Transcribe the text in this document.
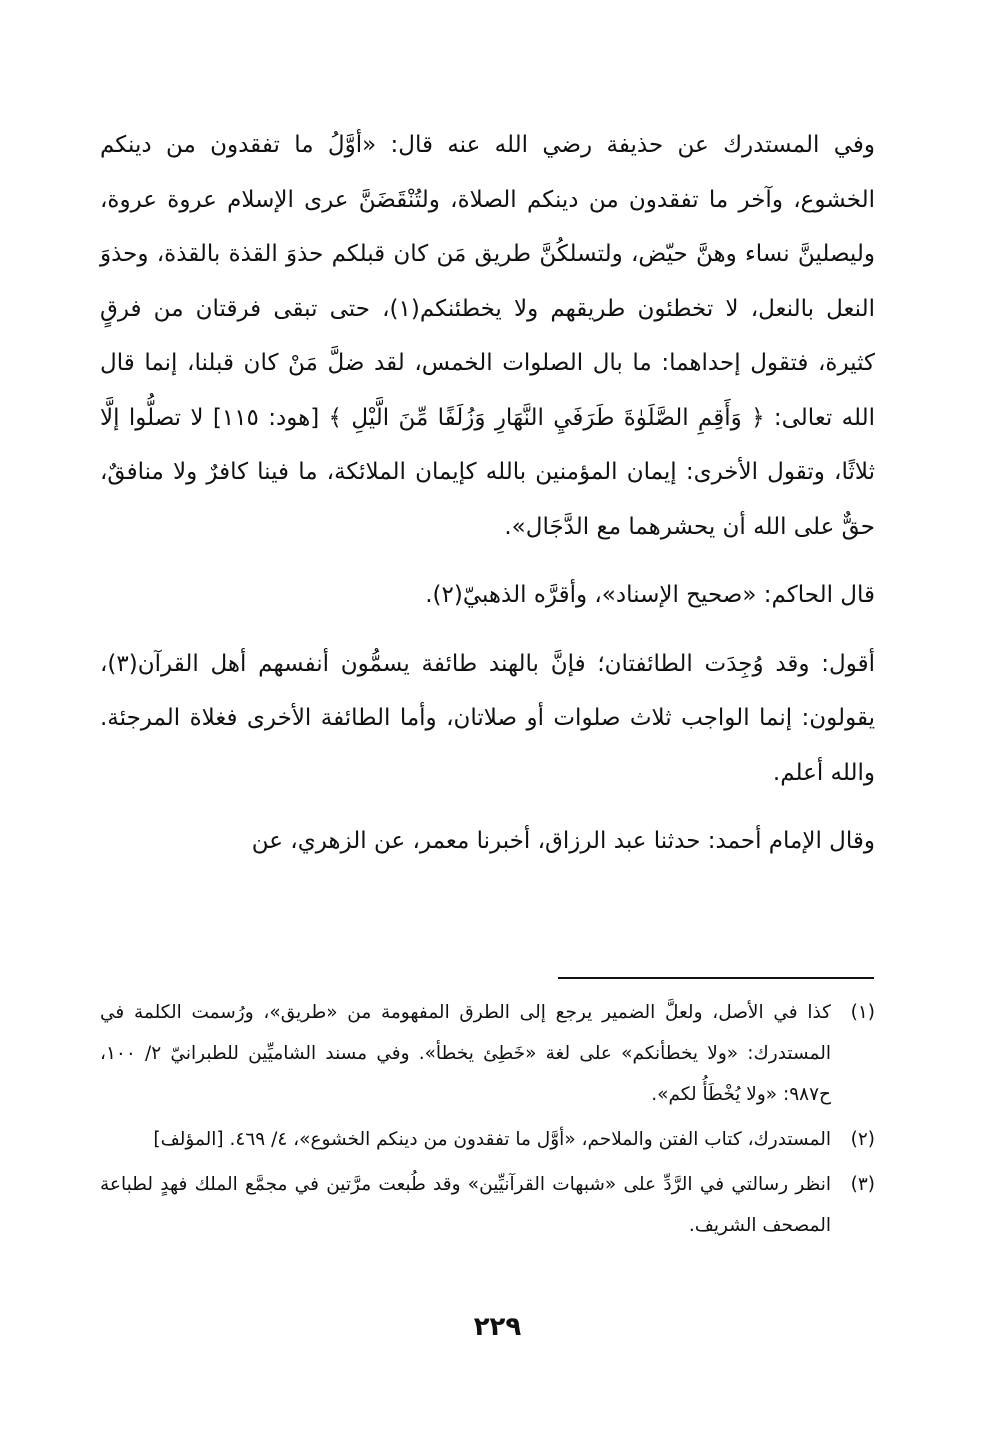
وفي المستدرك عن حذيفة رضي الله عنه قال: «أوَّلُ ما تفقدون من دينكم الخشوع، وآخر ما تفقدون من دينكم الصلاة، ولتُنْقَضَنَّ عرى الإسلام عروة عروة، وليصلينَّ نساء وهنَّ حيّض، ولتسلكُنَّ طريق مَن كان قبلكم حذوَ القذة بالقذة، وحذوَ النعل بالنعل، لا تخطئون طريقهم ولا يخطئنكم(١)، حتى تبقى فرقتان من فرقٍ كثيرة، فتقول إحداهما: ما بال الصلوات الخمس، لقد ضلَّ مَنْ كان قبلنا، إنما قال الله تعالى: ﴿ وَأَقِمِ الصَّلَوٰةَ طَرَفَيِ النَّهَارِ وَزُلَفًا مِّنَ الَّيْلِ ﴾ [هود: ١١٥] لا تصلُّوا إلَّا ثلاثًا، وتقول الأخرى: إيمان المؤمنين بالله كإيمان الملائكة، ما فينا كافرٌ ولا منافقٌ، حقٌّ على الله أن يحشرهما مع الدَّجَال».

قال الحاكم: «صحيح الإسناد»، وأقرَّه الذهبيّ(٢).

أقول: وقد وُجِدَت الطائفتان؛ فإنَّ بالهند طائفة يسمُّون أنفسهم أهل القرآن(٣)، يقولون: إنما الواجب ثلاث صلوات أو صلاتان، وأما الطائفة الأخرى فغلاة المرجئة. والله أعلم.

وقال الإمام أحمد: حدثنا عبد الرزاق، أخبرنا معمر، عن الزهري، عن

(١)
كذا في الأصل، ولعلَّ الضمير يرجع إلى الطرق المفهومة من «طريق»، ورُسمت الكلمة في المستدرك: «ولا يخطأنكم» على لغة «خَطِئ يخطأ». وفي مسند الشاميِّين للطبرانيّ ٢/ ١٠٠، ح٩٨٧: «ولا يُخْطَأُ لكم».
(٢)
المستدرك، كتاب الفتن والملاحم، «أوَّل ما تفقدون من دينكم الخشوع»، ٤/ ٤٦٩. [المؤلف]
(٣)
انظر رسالتي في الرَّدِّ على «شبهات القرآنيِّين» وقد طُبعت مرَّتين في مجمَّع الملك فهدٍ لطباعة المصحف الشريف.
٢٢٩
